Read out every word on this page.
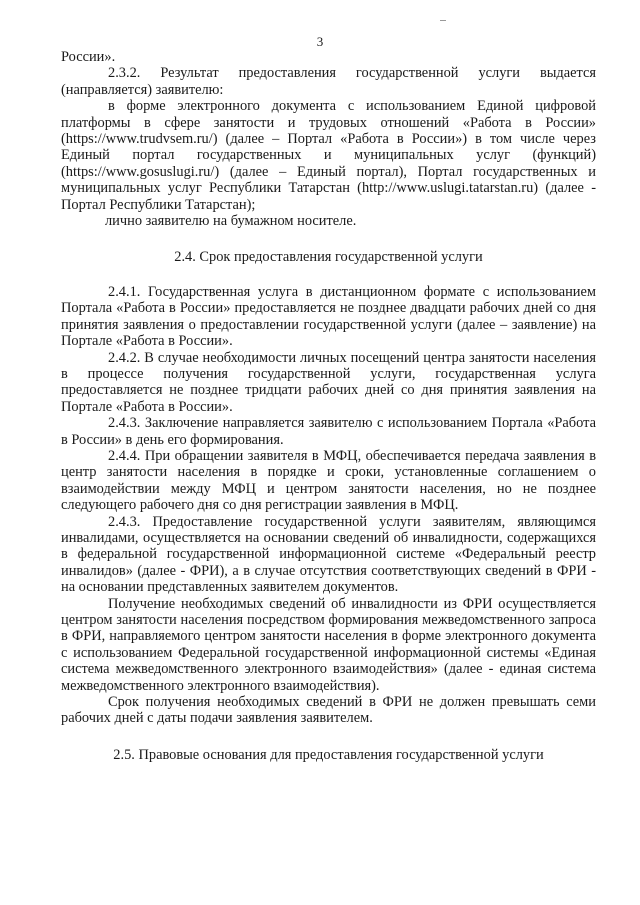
3

России».

2.3.2. Результат предоставления государственной услуги выдается (направляется) заявителю:

в форме электронного документа с использованием Единой цифровой платформы в сфере занятости и трудовых отношений «Работа в России» (https://www.trudvsem.ru/) (далее – Портал «Работа в России») в том числе через Единый портал государственных и муниципальных услуг (функций) (https://www.gosuslugi.ru/) (далее – Единый портал), Портал государственных и муниципальных услуг Республики Татарстан (http://www.uslugi.tatarstan.ru) (далее - Портал Республики Татарстан);

лично заявителю на бумажном носителе.

2.4. Срок предоставления государственной услуги

2.4.1. Государственная услуга в дистанционном формате с использованием Портала «Работа в России» предоставляется не позднее двадцати рабочих дней со дня принятия заявления о предоставлении государственной услуги (далее – заявление) на Портале «Работа в России».

2.4.2. В случае необходимости личных посещений центра занятости населения в процессе получения государственной услуги, государственная услуга предоставляется не позднее тридцати рабочих дней со дня принятия заявления на Портале «Работа в России».

2.4.3. Заключение направляется заявителю с использованием Портала «Работа в России» в день его формирования.

2.4.4. При обращении заявителя в МФЦ, обеспечивается передача заявления в центр занятости населения в порядке и сроки, установленные соглашением о взаимодействии между МФЦ и центром занятости населения, но не позднее следующего рабочего дня со дня регистрации заявления в МФЦ.

2.4.3. Предоставление государственной услуги заявителям, являющимся инвалидами, осуществляется на основании сведений об инвалидности, содержащихся в федеральной государственной информационной системе «Федеральный реестр инвалидов» (далее - ФРИ), а в случае отсутствия соответствующих сведений в ФРИ - на основании представленных заявителем документов.

Получение необходимых сведений об инвалидности из ФРИ осуществляется центром занятости населения посредством формирования межведомственного запроса в ФРИ, направляемого центром занятости населения в форме электронного документа с использованием Федеральной государственной информационной системы «Единая система межведомственного электронного взаимодействия» (далее - единая система межведомственного электронного взаимодействия).

Срок получения необходимых сведений в ФРИ не должен превышать семи рабочих дней с даты подачи заявления заявителем.

2.5. Правовые основания для предоставления государственной услуги
